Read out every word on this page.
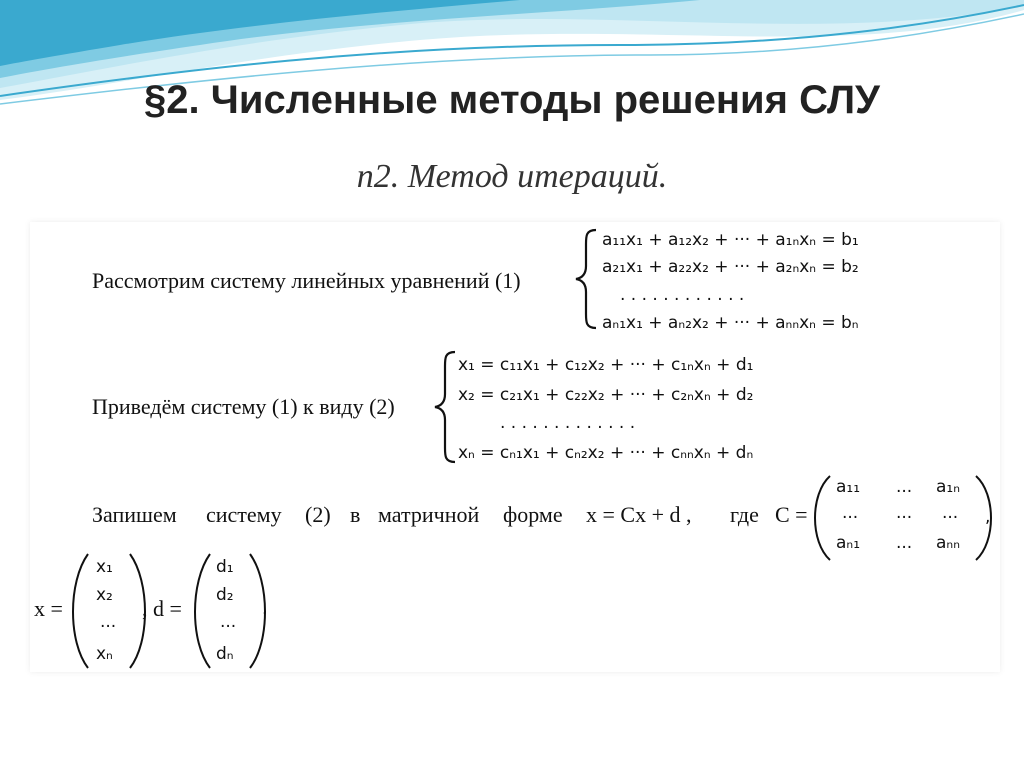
§2. Численные методы решения СЛУ
п2. Метод итераций.
Рассмотрим систему линейных уравнений (1)
Приведём систему (1) к виду (2)
Запишем систему (2) в матричной форме x = Cx + d , где C =
x =	, d =
a₁₁x₁ + a₁₂x₂ + ··· + a₁ₙxₙ = b₁
a₂₁x₁ + a₂₂x₂ + ··· + a₂ₙxₙ = b₂
. . . . . . . . . . . .
aₙ₁x₁ + aₙ₂x₂ + ··· + aₙₙxₙ = bₙ
x₁ = c₁₁x₁ + c₁₂x₂ + ··· + c₁ₙxₙ + d₁
x₂ = c₂₁x₁ + c₂₂x₂ + ··· + c₂ₙxₙ + d₂
. . . . . . . . . . . . .
xₙ = cₙ₁x₁ + cₙ₂x₂ + ··· + cₙₙxₙ + dₙ
a₁₁ ... a₁ₙ
... ... ...
aₙ₁ ... aₙₙ
,
x₁
x₂
...
xₙ
d₁
d₂
...
dₙ
.
